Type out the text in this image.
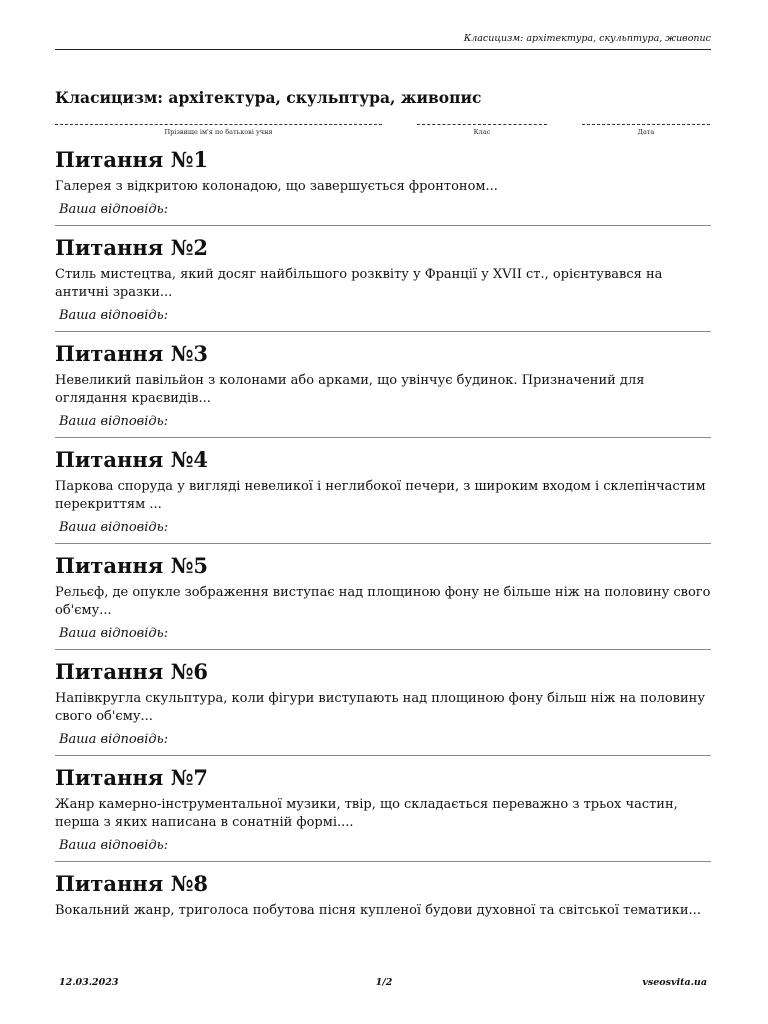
Класицизм: архітектура, скульптура, живопис
Класицизм: архітектура, скульптура, живопис
Прізвище ім'я по батькові учня	Клас	Дата
Питання №1

Галерея з відкритою колонадою, що завершується фронтоном...

Ваша відповідь:

Питання №2

Стиль мистецтва, який досяг найбільшого розквіту у Франції у XVII ст., орієнтувався на античні зразки...

Ваша відповідь:

Питання №3

Невеликий павільйон з колонами або арками, що увінчує будинок. Призначений для оглядання краєвидів...

Ваша відповідь:

Питання №4

Паркова споруда у вигляді невеликої і неглибокої печери, з широким входом і склепінчастим перекриттям ...

Ваша відповідь:

Питання №5

Рельєф, де опукле зображення виступає над площиною фону не більше ніж на половину свого об'єму...

Ваша відповідь:

Питання №6

Напівкругла скульптура, коли фігури виступають над площиною фону більш ніж на половину свого об'єму...

Ваша відповідь:

Питання №7

Жанр камерно-інструментальної музики, твір, що складається переважно з трьох частин, перша з яких написана в сонатній формі....

Ваша відповідь:

Питання №8

Вокальний жанр, триголоса побутова пісня купленої будови духовної та світської тематики...

12.03.2023	1/2	vseosvita.ua
